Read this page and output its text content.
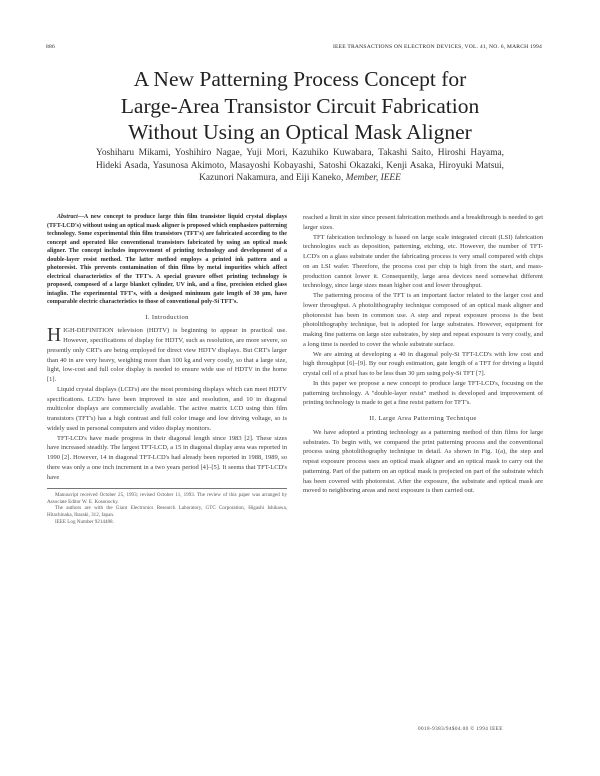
886	IEEE TRANSACTIONS ON ELECTRON DEVICES, VOL. 41, NO. 6, MARCH 1994
A New Patterning Process Concept for
Large-Area Transistor Circuit Fabrication
Without Using an Optical Mask Aligner
Yoshiharu Mikami, Yoshihiro Nagae, Yuji Mori, Kazuhiko Kuwabara, Takashi Saito, Hiroshi Hayama, Hideki Asada, Yasunosa Akimoto, Masayoshi Kobayashi, Satoshi Okazaki, Kenji Asaka, Hiroyuki Matsui, Kazunori Nakamura, and Eiji Kaneko, Member, IEEE
Abstract—A new concept to produce large thin film transistor liquid crystal displays (TFT-LCD's) without using an optical mask aligner is proposed which emphasizes patterning technology. Some experimental thin film transistors (TFT's) are fabricated according to the concept and operated like conventional transistors fabricated by using an optical mask aligner. The concept includes improvement of printing technology and development of a double-layer resist method. The latter method employs a printed ink pattern and a photoresist. This prevents contamination of thin films by metal impurities which affect electrical characteristics of the TFT's. A special gravure offset printing technology is proposed, composed of a large blanket cylinder, UV ink, and a fine, precision etched glass intaglio. The experimental TFT's, with a designed minimum gate length of 30 µm, have comparable electric characteristics to those of conventional poly-Si TFT's.
I. Introduction

HIGH-DEFINITION television (HDTV) is beginning to appear in practical use. However, specifications of display for HDTV, such as resolution, are more severe, so presently only CRT's are being employed for direct view HDTV displays. But CRT's larger than 40 in are very heavy, weighing more than 100 kg and very costly, so that a large size, light, low-cost and full color display is needed to ensure wide use of HDTV in the home [1].

Liquid crystal displays (LCD's) are the most promising displays which can meet HDTV specifications. LCD's have been improved in size and resolution, and 10 in diagonal multicolor displays are commercially available. The active matrix LCD using thin film transistors (TFT's) has a high contrast and full color image and low driving voltage, so is widely used in personal computers and video display monitors.

TFT-LCD's have made progress in their diagonal length since 1983 [2]. These sizes have increased steadily. The largest TFT-LCD, a 15 in diagonal display area was reported in 1990 [2]. However, 14 in diagonal TFT-LCD's had already been reported in 1988, 1989, so there was only a one inch increment in a two years period [4]–[5]. It seems that TFT-LCD's have

Manuscript received October 25, 1993; revised October 11, 1993. The review of this paper was arranged by Associate Editor W. E. Kosonocky.

The authors are with the Giant Electronics Research Laboratory, GTC Corporation, Higashi Ishikawa, Hitachinaka, Ibaraki, 312, Japan.

IEEE Log Number 9214488.

reached a limit in size since present fabrication methods and a breakthrough is needed to get larger sizes.

TFT fabrication technology is based on large scale integrated circuit (LSI) fabrication technologies such as deposition, patterning, etching, etc. However, the number of TFT-LCD's on a glass substrate under the fabricating process is very small compared with chips on an LSI wafer. Therefore, the process cost per chip is high from the start, and mass-production cannot lower it. Consequently, large area devices need somewhat different technology, since large sizes mean higher cost and lower throughput.

The patterning process of the TFT is an important factor related to the larger cost and lower throughput. A photolithography technique composed of an optical mask aligner and photoresist has been in common use. A step and repeat exposure process is the best photolithography technique, but is adopted for large substrates. However, equipment for making fine patterns on large size substrates, by step and repeat exposure is very costly, and a long time is needed to cover the whole substrate surface.

We are aiming at developing a 40 in diagonal poly-Si TFT-LCD's with low cost and high throughput [6]–[9]. By our rough estimation, gate length of a TFT for driving a liquid crystal cell of a pixel has to be less than 30 µm using poly-Si TFT [7].

In this paper we propose a new concept to produce large TFT-LCD's, focusing on the patterning technology. A "double-layer resist" method is developed and improvement of printing technology is made to get a fine resist pattern for TFT's.

II. Large Area Patterning Technique

We have adopted a printing technology as a patterning method of thin films for large substrates. To begin with, we compared the print patterning process and the conventional process using photolithography technique in detail. As shown in Fig. 1(a), the step and repeat exposure process uses an optical mask aligner and an optical mask to carry out the patterning. Part of the pattern on an optical mask is projected on part of the substrate which has been covered with photoresist. After the exposure, the substrate and optical mask are moved to neighboring areas and next exposure is then carried out.

0018-9383/94$04.00 © 1994 IEEE
